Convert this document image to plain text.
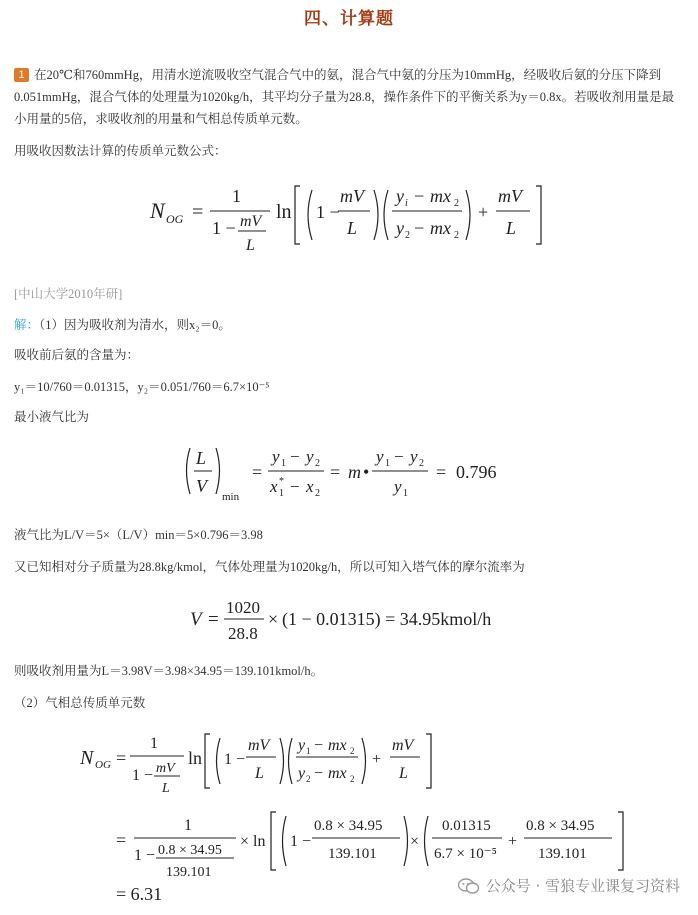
四、计算题
1 在20℃和760mmHg，用清水逆流吸收空气混合气中的氨，混合气中氨的分压为10mmHg，经吸收后氨的分压下降到0.051mmHg，混合气体的处理量为1020kg/h，其平均分子量为28.8，操作条件下的平衡关系为y＝0.8x。若吸收剂用量是最小用量的5倍，求吸收剂的用量和气相总传质单元数。
用吸收因数法计算的传质单元数公式：
N OG =
1
1 − mV
L
ln 1 −
mV
L
y i − mx 2
y 2 − mx 2
+
mV
L
[中山大学2010年研]
解：（1）因为吸收剂为清水，则x₂＝0。
吸收前后氨的含量为：
y₁＝10/760＝0.01315，y₂＝0.051/760＝6.7×10⁻⁵
最小液气比为
L
V
min
=
y 1 − y 2
x *
1 − x 2
= m •
y 1 − y 2
y 1
= 0.796
液气比为L/V＝5×（L/V）min＝5×0.796＝3.98
又已知相对分子质量为28.8kg/kmol，气体处理量为1020kg/h，所以可知入塔气体的摩尔流率为
V =
1020
28.8
× (1 − 0.01315) = 34.95kmol/h
则吸收剂用量为L＝3.98V＝3.98×34.95＝139.101kmol/h。
（2）气相总传质单元数
N OG =
1
1 − mV
L
ln 1 −
mV
L
y 1 − mx 2
y 2 − mx 2
+
mV
L
=
1
1 − 0.8 × 34.95
139.101
× ln 1 −
0.8 × 34.95
139.101
×
0.01315
6.7 × 10⁻⁵
+
0.8 × 34.95
139.101
= 6.31	公众号 · 雪狼专业课复习资料
